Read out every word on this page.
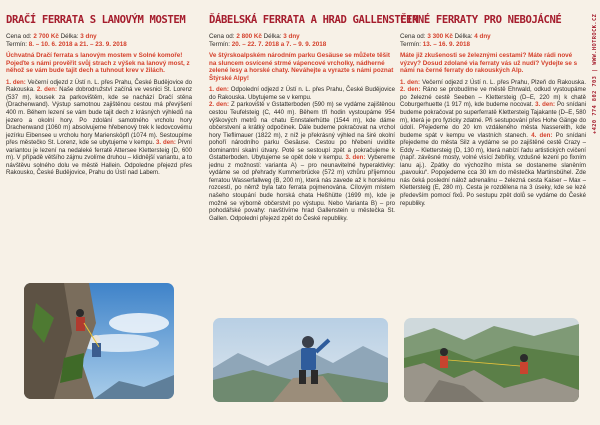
DRAČÍ FERRATA S LANOVÝM MOSTEM
Cena od: 2 700 Kč Délka: 3 dny
Termín: 8. – 10. 6. 2018 a 21. – 23. 9. 2018
Úchvatná Dračí ferrata s lanovým mostem v Solné komoře! Pojeďte s námi prověřit svůj strach z výšek na lanový most, z něhož se vám bude tajit dech a tuhnout krev v žilách.

1. den: Večerní odjezd z Ústí n. L. přes Prahu, České Budějovice do Rakouska. 2. den: Naše dobrodružství začíná ve vesnici St. Lorenz (537 m), kousek za parkovištěm, kde se nachází Dračí stěna (Drachenwand). Výstup samotnou zajištěnou cestou má převýšení 400 m. Během lezení se vám bude tajit dech z krásných výhledů na jezero a okolní hory. Po zdolání samotného vrcholu hory Drachenwand (1060 m) absolvujeme hřebenový trek k ledovcovému jezírku Eibensee u vrcholu hory Mariensköpfl (1074 m). Sestoupíme přes městečko St. Lorenz, kde se ubytujeme v kempu. 3. den: První variantou je lezení na nedaleké ferratě Attersee Klettersteig (D, 600 m). V případě většího zájmu zvolíme druhou – klidnější variantu, a to návštěvu solného dolu ve městě Hallein. Odpoledne přejezd přes Rakousko, České Budějovice, Prahu do Ústí nad Labem.

ĎÁBELSKÁ FERRATA A HRAD GALLENSTEIN
Cena od: 2 800 Kč Délka: 3 dny
Termín: 20. – 22. 7. 2018 a 7. – 9. 9. 2018
Ve štýrskoalpském národním parku Gesäuse se můžete těšit na sluncem osvícené strmé vápencové vrcholky, nádherné zelené lesy a horské chaty. Neváhejte a vyrazte s námi poznat Štýrské Alpy!

1. den: Odpolední odjezd z Ústí n. L. přes Prahu, České Budějovice do Rakouska. Ubytujeme se v kempu.
2. den: Z parkoviště v Gstatterboden (590 m) se vydáme zajištěnou cestou Teufelsteig (C, 440 m). Během tří hodin vystoupáme 954 výškových metrů na chatu Ennstalerhütte (1544 m), kde dáme občerstvení a krátký odpočinek. Dále budeme pokračovat na vrchol hory Tieflimauer (1822 m), z níž je překrásný výhled na širé okolní pohoří národního parku Gesäuse. Cestou po hřebeni uvidíte dominantní skalní útvary. Poté se sestoupí zpět a pokračujeme k Gstatterboden. Ubytujeme se opět dole v kempu. 3. den: Vybereme jednu z možností: varianta A) – pro neunavitelné hyperaktivky: vydáme se od přehrady Kummerbrücke (572 m) vzhůru příjemnou ferratou Wasserfallweg (B, 200 m), která nás zavede až k horskému rozcestí, po němž byla tato ferrata pojmenována. Cílovým místem našeho stoupání bude horská chata Heßhütte (1699 m), kde je možné se výborně občerstvit po výstupu. Nebo Varianta B) – pro pohodářské povahy: navštívíme hrad Gallenstein u městečka St. Gallen. Odpolední přejezd zpět do České republiky.

ČERNÉ FERRATY PRO NEBOJÁCNÉ
Cena od: 3 300 Kč Délka: 4 dny
Termín: 13. – 16. 9. 2018
Máte již zkušenosti se železnými cestami? Máte rádi nové výzvy? Dosud zdolané via ferraty vás už nudí? Vydejte se s námi na černé ferraty do rakouských Alp.

1. den: Večerní odjezd z Ústí n. L. přes Prahu, Plzeň do Rakouska. 2. den: Ráno se probudíme ve městě Ehrwald, odkud vystoupáme po železné cestě Seeben – Klettersteig (D–E, 220 m) k chatě Coburgerhuette (1 917 m), kde budeme nocovat. 3. den: Po snídani budeme pokračovat po superferratě Klettersteig Tajakante (D–E, 580 m), která je pro fyzicky zdatné. Při sestupování přes Hohe Gänge do údolí. Přejedeme do 20 km vzdáleného města Nassereith, kde budeme spát v kempu ve vlastních stanech. 4. den: Po snídani přejedeme do města Silz a vydáme se po zajištěné cestě Crazy – Eddy – Klettersteig (D, 130 m), která nabízí řadu artistických cvičení (např. závěsné mosty, volné visící žebříky, vzdušné lezení po fixním lanu aj.). Zpátky do výchozího místa se dostaneme slaněním „pavouku“. Popojedeme cca 30 km do městečka Martinsbühel. Zde nás čeká poslední nálož adrenalinu – železná cesta Kaiser – Max – Klettersteig (E, 280 m). Cesta je rozdělena na 3 úseky, kde se lezé především pomocí fixů. Po sestupu zpět dolů se vydáme do České republiky.

+420 774 802 703 | WWW.HOTROCK.CZ
